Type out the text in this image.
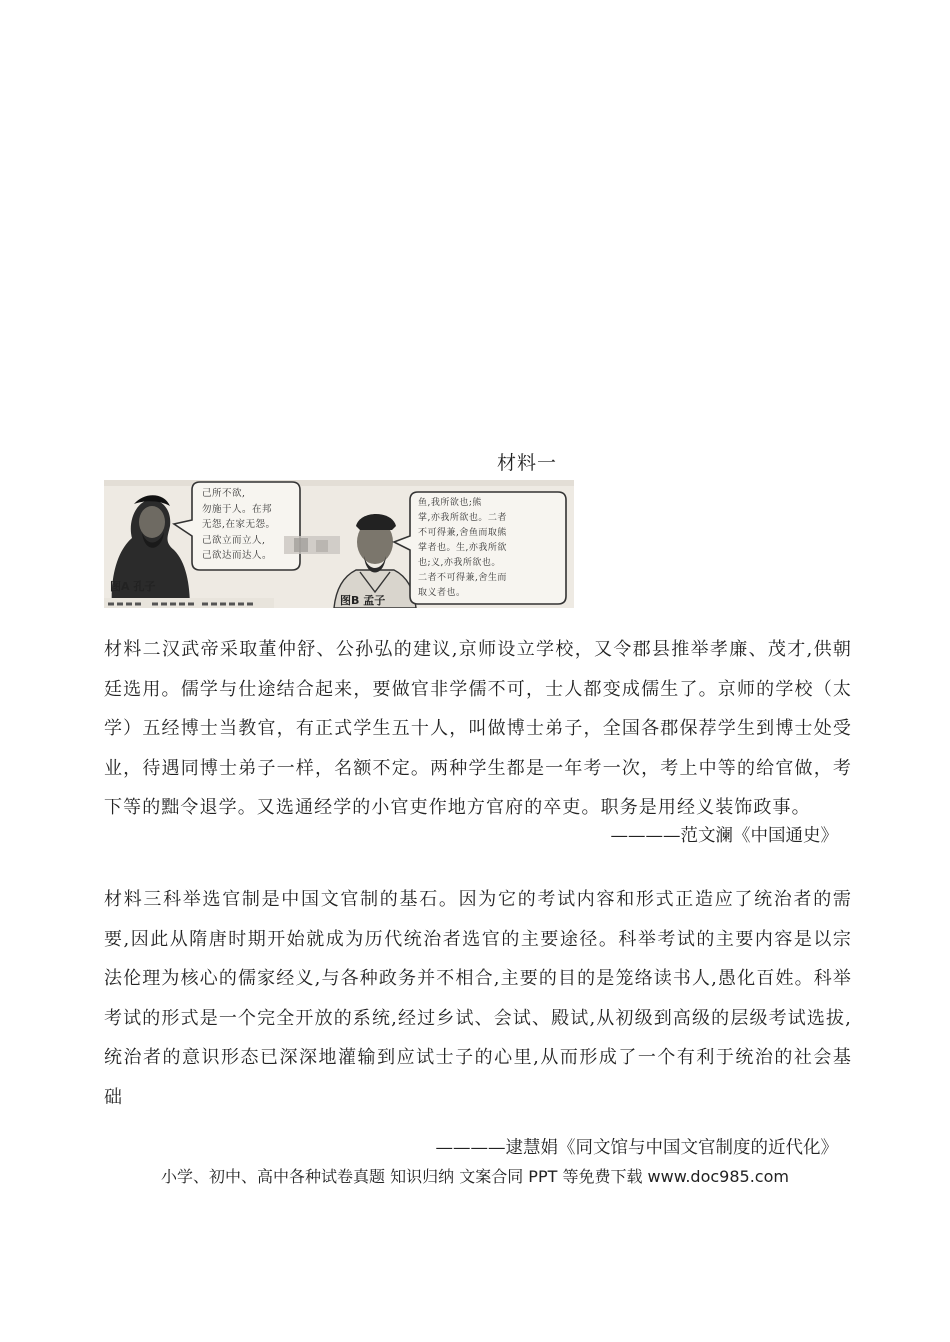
材料一
己所不欲,
勿施于人。在邦
无怨,在家无怨。
己欲立而立人,
己欲达而达人。
鱼,我所欲也;熊
掌,亦我所欲也。二者
不可得兼,舍鱼而取熊
掌者也。生,亦我所欲
也;义,亦我所欲也。
二者不可得兼,舍生而
取义者也。
图A 孔子
图B 孟子
材料二汉武帝采取董仲舒、公孙弘的建议,京师设立学校，又令郡县推举孝廉、茂才,供朝廷选用。儒学与仕途结合起来，要做官非学儒不可，士人都变成儒生了。京师的学校（太学）五经博士当教官，有正式学生五十人，叫做博士弟子，全国各郡保荐学生到博士处受业，待遇同博士弟子一样，名额不定。两种学生都是一年考一次，考上中等的给官做，考下等的黜令退学。又选通经学的小官吏作地方官府的卒吏。职务是用经义装饰政事。
————范文澜《中国通史》
材料三科举选官制是中国文官制的基石。因为它的考试内容和形式正造应了统治者的需要,因此从隋唐时期开始就成为历代统治者选官的主要途径。科举考试的主要内容是以宗法伦理为核心的儒家经义,与各种政务并不相合,主要的目的是笼络读书人,愚化百姓。科举考试的形式是一个完全开放的系统,经过乡试、会试、殿试,从初级到高级的层级考试选拔,统治者的意识形态已深深地灌输到应试士子的心里,从而形成了一个有利于统治的社会基础
————逮慧娟《同文馆与中国文官制度的近代化》
小学、初中、高中各种试卷真题 知识归纳 文案合同 PPT 等免费下载 www.doc985.com
